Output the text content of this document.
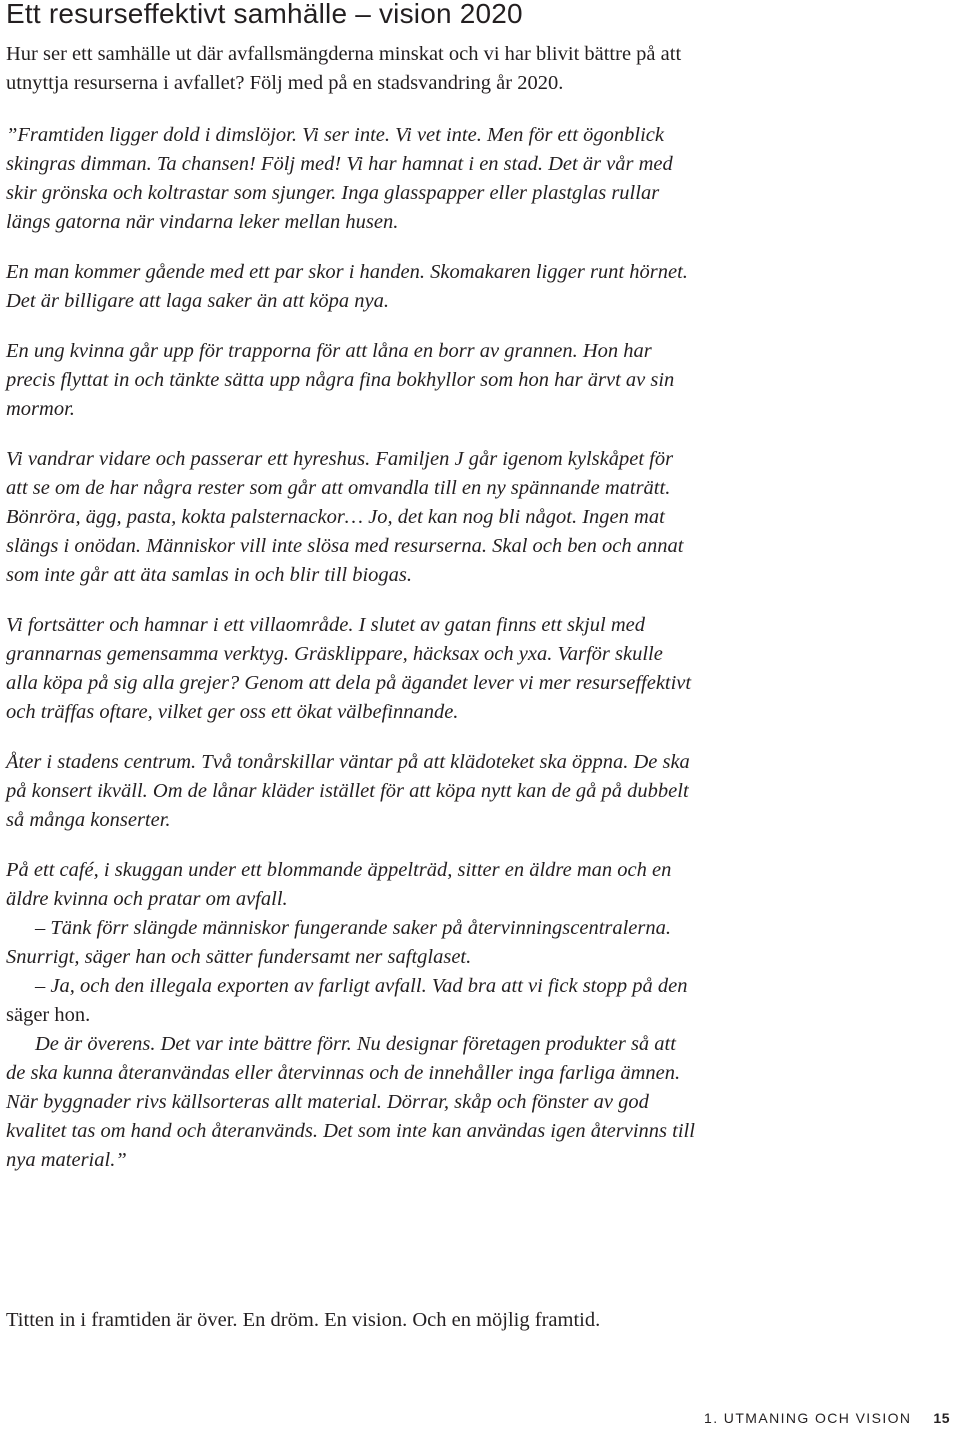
Ett resurseffektivt samhälle – vision 2020

Hur ser ett samhälle ut där avfallsmängderna minskat och vi har blivit bättre på att utnyttja resurserna i avfallet? Följ med på en stadsvandring år 2020.

”Framtiden ligger dold i dimslöjor. Vi ser inte. Vi vet inte. Men för ett ögonblick skingras dimman. Ta chansen! Följ med! Vi har hamnat i en stad. Det är vår med skir grönska och koltrastar som sjunger. Inga glasspapper eller plastglas rullar längs gatorna när vindarna leker mellan husen.

En man kommer gående med ett par skor i handen. Skomakaren ligger runt hörnet. Det är billigare att laga saker än att köpa nya.

En ung kvinna går upp för trapporna för att låna en borr av grannen. Hon har precis flyttat in och tänkte sätta upp några fina bokhyllor som hon har ärvt av sin mormor.

Vi vandrar vidare och passerar ett hyreshus. Familjen J går igenom kylskåpet för att se om de har några rester som går att omvandla till en ny spännande maträtt. Bönröra, ägg, pasta, kokta palsternackor… Jo, det kan nog bli något. Ingen mat slängs i onödan. Människor vill inte slösa med resurserna. Skal och ben och annat som inte går att äta samlas in och blir till biogas.

Vi fortsätter och hamnar i ett villaområde. I slutet av gatan finns ett skjul med grannarnas gemensamma verktyg. Gräsklippare, häcksax och yxa. Varför skulle alla köpa på sig alla grejer? Genom att dela på ägandet lever vi mer resurseffektivt och träffas oftare, vilket ger oss ett ökat välbefinnande.

Åter i stadens centrum. Två tonårskillar väntar på att klädoteket ska öppna. De ska på konsert ikväll. Om de lånar kläder istället för att köpa nytt kan de gå på dubbelt så många konserter.

På ett café, i skuggan under ett blommande äppelträd, sitter en äldre man och en äldre kvinna och pratar om avfall.

– Tänk förr slängde människor fungerande saker på återvinningscentralerna. Snurrigt, säger han och sätter fundersamt ner saftglaset.

– Ja, och den illegala exporten av farligt avfall. Vad bra att vi fick stopp på den säger hon.

De är överens. Det var inte bättre förr. Nu designar företagen produkter så att de ska kunna återanvändas eller återvinnas och de innehåller inga farliga ämnen. När byggnader rivs källsorteras allt material. Dörrar, skåp och fönster av god kvalitet tas om hand och återanvänds. Det som inte kan användas igen återvinns till nya material.”

Titten in i framtiden är över. En dröm. En vision. Och en möjlig framtid.

1. UTMANING OCH VISION 15
